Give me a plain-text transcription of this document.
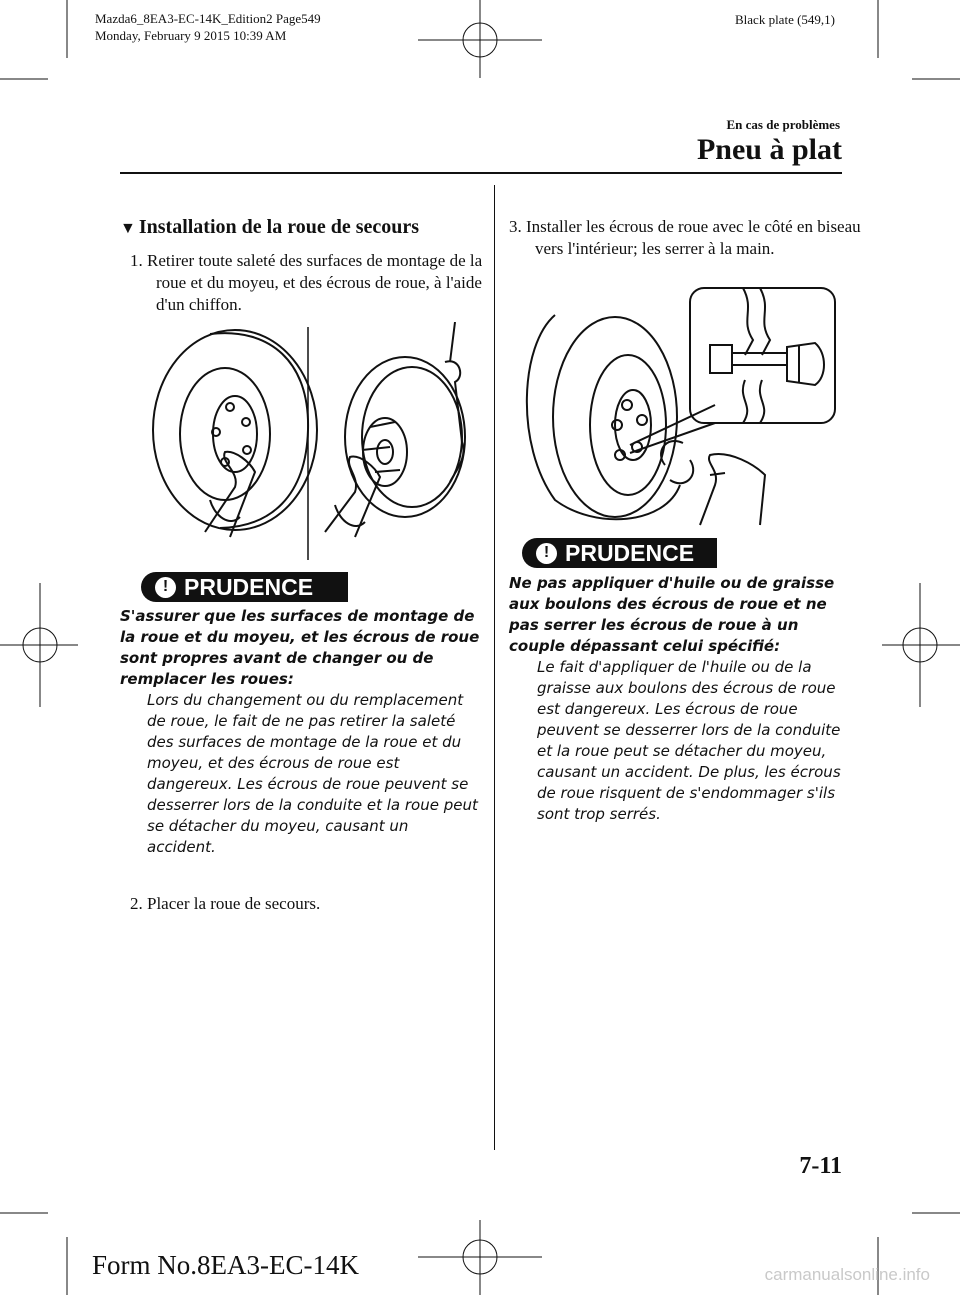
Mazda6_8EA3-EC-14K_Edition2 Page549
Monday, February 9 2015 10:39 AM
Black plate (549,1)
En cas de problèmes
Pneu à plat
▼ Installation de la roue de secours
1. Retirer toute saleté des surfaces de montage de la roue et du moyeu, et des écrous de roue, à l'aide d'un chiffon.
! PRUDENCE
S'assurer que les surfaces de montage de la roue et du moyeu, et les écrous de roue sont propres avant de changer ou de remplacer les roues:
Lors du changement ou du remplacement de roue, le fait de ne pas retirer la saleté des surfaces de montage de la roue et du moyeu, et des écrous de roue est dangereux. Les écrous de roue peuvent se desserrer lors de la conduite et la roue peut se détacher du moyeu, causant un accident.
2. Placer la roue de secours.
3. Installer les écrous de roue avec le côté en biseau vers l'intérieur; les serrer à la main.
! PRUDENCE
Ne pas appliquer d'huile ou de graisse aux boulons des écrous de roue et ne pas serrer les écrous de roue à un couple dépassant celui spécifié:
Le fait d'appliquer de l'huile ou de la graisse aux boulons des écrous de roue est dangereux. Les écrous de roue peuvent se desserrer lors de la conduite et la roue peut se détacher du moyeu, causant un accident. De plus, les écrous de roue risquent de s'endommager s'ils sont trop serrés.
7-11
Form No.8EA3-EC-14K	carmanualsonline.info
